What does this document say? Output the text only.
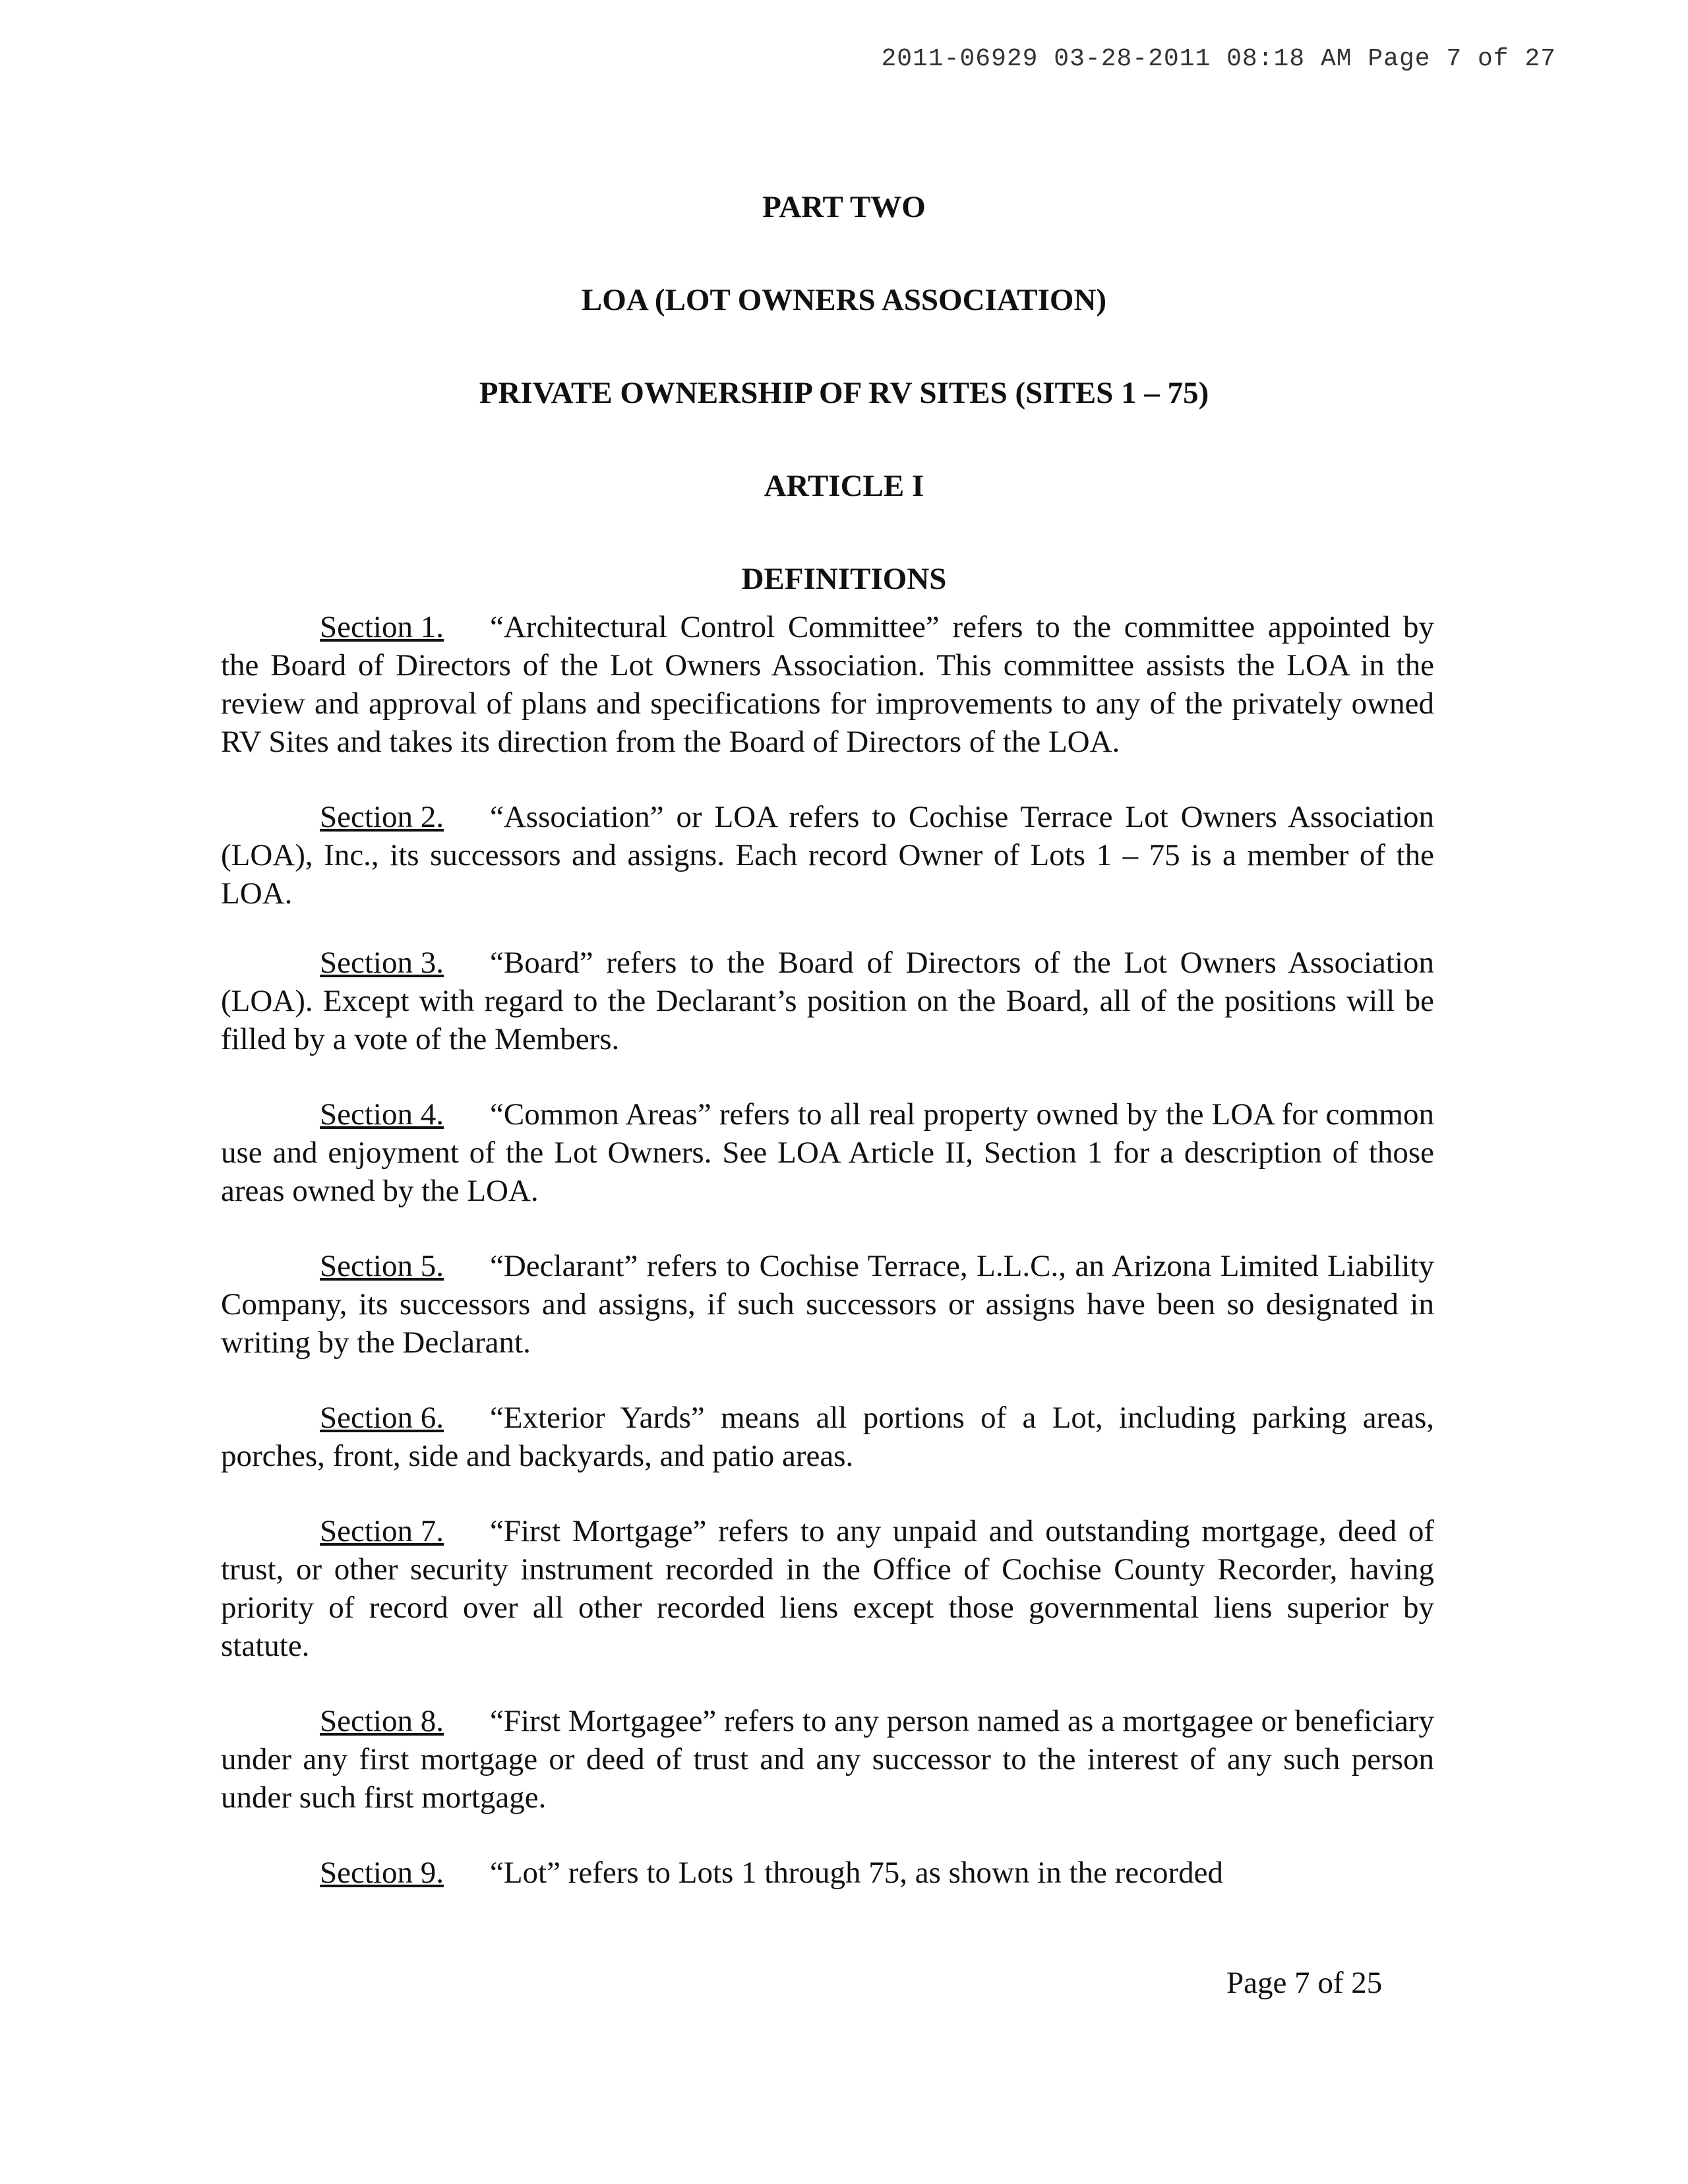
2011-06929 03-28-2011 08:18 AM Page 7 of 27
PART TWO
LOA (LOT OWNERS ASSOCIATION)
PRIVATE OWNERSHIP OF RV SITES (SITES 1 – 75)
ARTICLE I
DEFINITIONS

Section 1. “Architectural Control Committee” refers to the committee appointed by the Board of Directors of the Lot Owners Association. This committee assists the LOA in the review and approval of plans and specifications for improvements to any of the privately owned RV Sites and takes its direction from the Board of Directors of the LOA.

Section 2. “Association” or LOA refers to Cochise Terrace Lot Owners Association (LOA), Inc., its successors and assigns. Each record Owner of Lots 1 – 75 is a member of the LOA.

Section 3. “Board” refers to the Board of Directors of the Lot Owners Association (LOA). Except with regard to the Declarant’s position on the Board, all of the positions will be filled by a vote of the Members.

Section 4. “Common Areas” refers to all real property owned by the LOA for common use and enjoyment of the Lot Owners. See LOA Article II, Section 1 for a description of those areas owned by the LOA.

Section 5. “Declarant” refers to Cochise Terrace, L.L.C., an Arizona Limited Liability Company, its successors and assigns, if such successors or assigns have been so designated in writing by the Declarant.

Section 6. “Exterior Yards” means all portions of a Lot, including parking areas, porches, front, side and backyards, and patio areas.

Section 7. “First Mortgage” refers to any unpaid and outstanding mortgage, deed of trust, or other security instrument recorded in the Office of Cochise County Recorder, having priority of record over all other recorded liens except those governmental liens superior by statute.

Section 8. “First Mortgagee” refers to any person named as a mortgagee or beneficiary under any first mortgage or deed of trust and any successor to the interest of any such person under such first mortgage.

Section 9. “Lot” refers to Lots 1 through 75, as shown in the recorded

Page 7 of 25
